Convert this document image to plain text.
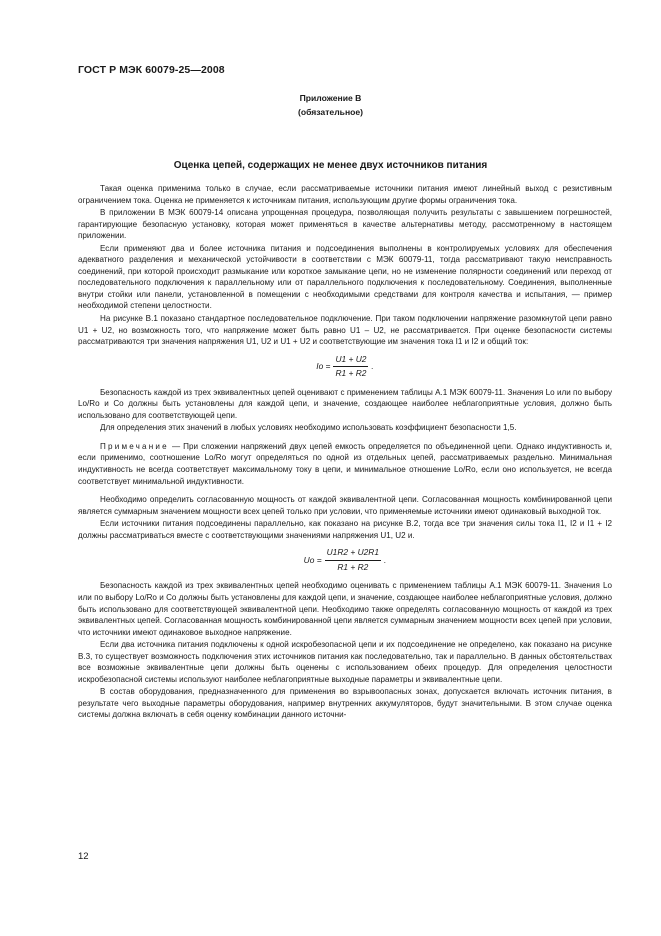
ГОСТ Р МЭК 60079-25—2008
Приложение В
(обязательное)
Оценка цепей, содержащих не менее двух источников питания

Такая оценка применима только в случае, если рассматриваемые источники питания имеют линейный выход с резистивным ограничением тока. Оценка не применяется к источникам питания, использующим другие формы ограничения тока.

В приложении В МЭК 60079-14 описана упрощенная процедура, позволяющая получить результаты с завышением погрешностей, гарантирующие безопасную установку, которая может применяться в качестве альтернативы методу, рассмотренному в настоящем приложении.

Если применяют два и более источника питания и подсоединения выполнены в контролируемых условиях для обеспечения адекватного разделения и механической устойчивости в соответствии с МЭК 60079-11, тогда рассматривают такую неисправность соединений, при которой происходит размыкание или короткое замыкание цепи, но не изменение полярности соединений или переход от последовательного подключения к параллельному или от параллельного подключения к последовательному. Соединения, выполненные внутри стойки или панели, установленной в помещении с необходимыми средствами для контроля качества и испытания, — пример необходимой степени целостности.

На рисунке В.1 показано стандартное последовательное подключение. При таком подключении напряжение разомкнутой цепи равно U1 + U2, но возможность того, что напряжение может быть равно U1 – U2, не рассматривается. При оценке безопасности системы рассматриваются три значения напряжения U1, U2 и U1 + U2 и соответствующие им значения тока I1 и I2 и общий ток:

$Io = \frac{U1 + U2}{R1 + R2}$ .

Безопасность каждой из трех эквивалентных цепей оценивают с применением таблицы А.1 МЭК 60079-11. Значения Lo или по выбору Lo/Ro и Co должны быть установлены для каждой цепи, и значение, создающее наиболее неблагоприятные условия, должно быть использовано для соответствующей цепи.

Для определения этих значений в любых условиях необходимо использовать коэффициент безопасности 1,5.

Примечание — При сложении напряжений двух цепей емкость определяется по объединенной цепи. Однако индуктивность и, если применимо, соотношение Lo/Ro могут определяться по одной из отдельных цепей, рассматриваемых раздельно. Минимальная индуктивность не всегда соответствует максимальному току в цепи, и минимальное отношение Lo/Ro, если оно используется, не всегда соответствует минимальной индуктивности.

Необходимо определить согласованную мощность от каждой эквивалентной цепи. Согласованная мощность комбинированной цепи является суммарным значением мощности всех цепей только при условии, что применяемые источники имеют одинаковый выходной ток.

Если источники питания подсоединены параллельно, как показано на рисунке В.2, тогда все три значения силы тока I1, I2 и I1 + I2 должны рассматриваться вместе с соответствующими значениями напряжения U1, U2 и.

$Uo = \frac{U1R2 + U2R1}{R1 + R2}$ .

Безопасность каждой из трех эквивалентных цепей необходимо оценивать с применением таблицы А.1 МЭК 60079-11. Значения Lo или по выбору Lo/Ro и Co должны быть установлены для каждой цепи, и значение, создающее наиболее неблагоприятные условия, должно быть использовано для соответствующей эквивалентной цепи. Необходимо также определять согласованную мощность от каждой из трех эквивалентных цепей. Согласованная мощность комбинированной цепи является суммарным значением мощности всех цепей при условии, что источники имеют одинаковое выходное напряжение.

Если два источника питания подключены к одной искробезопасной цепи и их подсоединение не определено, как показано на рисунке В.3, то существует возможность подключения этих источников питания как последовательно, так и параллельно. В данных обстоятельствах все возможные эквивалентные цепи должны быть оценены с использованием обеих процедур. Для определения целостности искробезопасной системы используют наиболее неблагоприятные выходные параметры и эквивалентные цепи.

В состав оборудования, предназначенного для применения во взрывоопасных зонах, допускается включать источник питания, в результате чего выходные параметры оборудования, например внутренних аккумуляторов, будут значительными. В этом случае оценка системы должна включать в себя оценку комбинации данного источни-

12
